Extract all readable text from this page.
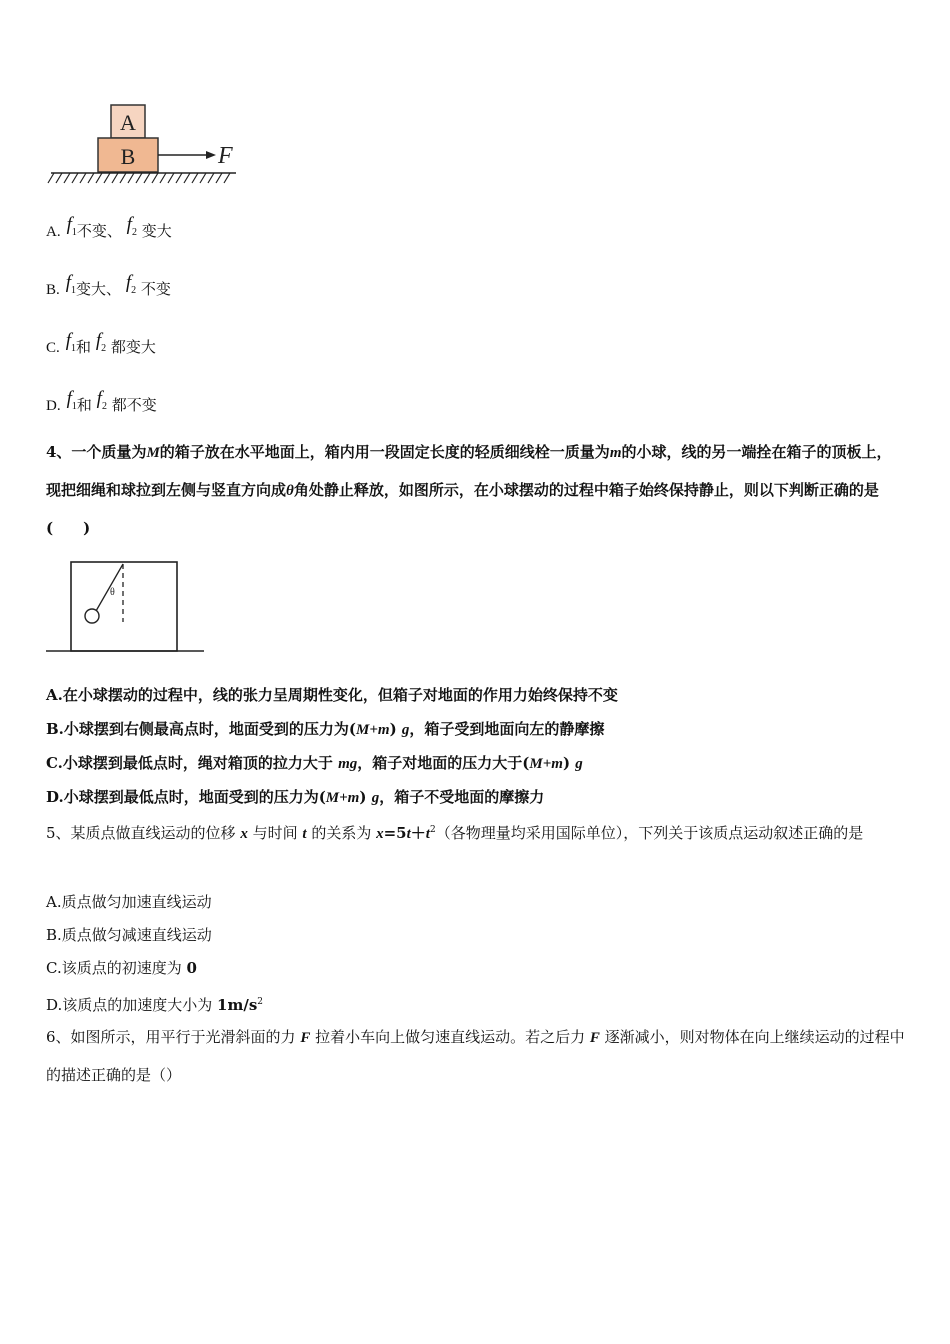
A
B	F
A. $f_1$不变、 $f_2$ 变大
B. $f_1$变大、 $f_2$ 不变
C. $f_1$和 $f_2$ 都变大
D. $f_1$和 $f_2$ 都不变
4、一个质量为M的箱子放在水平地面上，箱内用一段固定长度的轻质细线栓一质量为m的小球，线的另一端拴在箱子的顶板上，现把细绳和球拉到左侧与竖直方向成θ角处静止释放，如图所示，在小球摆动的过程中箱子始终保持静止，则以下判断正确的是(　　)
θ
A.在小球摆动的过程中，线的张力呈周期性变化，但箱子对地面的作用力始终保持不变
B.小球摆到右侧最高点时，地面受到的压力为(M+m) g，箱子受到地面向左的静摩擦
C.小球摆到最低点时，绳对箱顶的拉力大于 mg，箱子对地面的压力大于(M+m) g
D.小球摆到最低点时，地面受到的压力为(M+m) g，箱子不受地面的摩擦力
5、某质点做直线运动的位移 x 与时间 t 的关系为 $x=5t+t^2$（各物理量均采用国际单位），下列关于该质点运动叙述正确的是
A.质点做匀加速直线运动
B.质点做匀减速直线运动
C.该质点的初速度为 0
D.该质点的加速度大小为 $1m/s^2$
6、如图所示，用平行于光滑斜面的力 F 拉着小车向上做匀速直线运动。若之后力 F 逐渐减小，则对物体在向上继续运动的过程中的描述正确的是（）
